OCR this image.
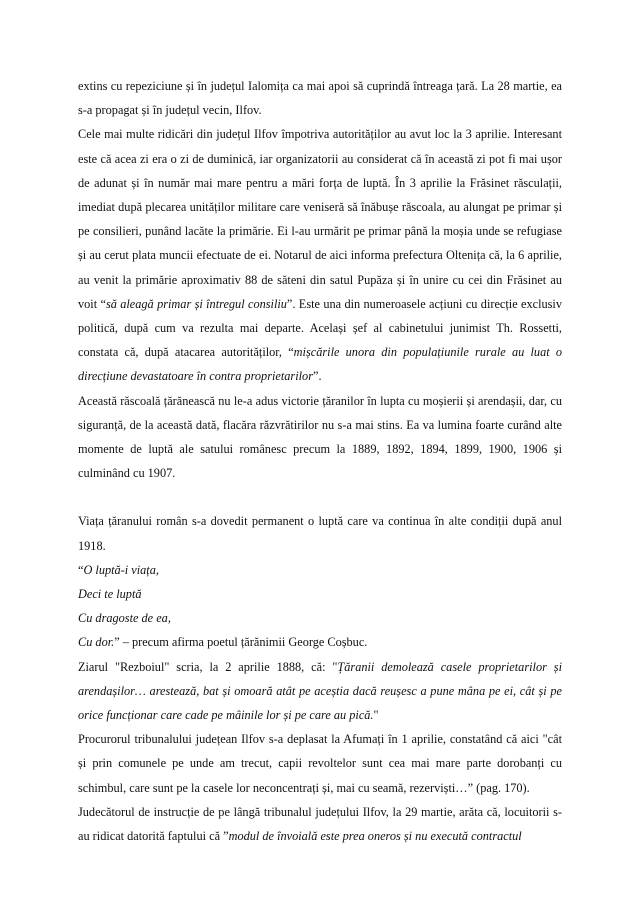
extins cu repeziciune și în județul Ialomița ca mai apoi să cuprindă întreaga țară. La 28 martie, ea s-a propagat și în județul vecin, Ilfov.

Cele mai multe ridicări din județul Ilfov împotriva autorităților au avut loc la 3 aprilie. Interesant este că acea zi era o zi de duminică, iar organizatorii au considerat că în această zi pot fi mai ușor de adunat și în număr mai mare pentru a mări forța de luptă. În 3 aprilie la Frăsinet răsculații, imediat după plecarea unităților militare care veniseră să înăbușe răscoala, au alungat pe primar și pe consilieri, punând lacăte la primărie. Ei l-au urmărit pe primar până la moșia unde se refugiase și au cerut plata muncii efectuate de ei. Notarul de aici informa prefectura Oltenița că, la 6 aprilie, au venit la primărie aproximativ 88 de săteni din satul Pupăza și în unire cu cei din Frăsinet au voit “să aleagă primar și întregul consiliu”. Este una din numeroasele acțiuni cu direcție exclusiv politică, după cum va rezulta mai departe. Același șef al cabinetului junimist Th. Rossetti, constata că, după atacarea autorităților, “mișcările unora din populațiunile rurale au luat o direcțiune devastatoare în contra proprietarilor”.

Această răscoală țărănească nu le-a adus victorie țăranilor în lupta cu moșierii și arendașii, dar, cu siguranță, de la această dată, flacăra răzvrătirilor nu s-a mai stins. Ea va lumina foarte curând alte momente de luptă ale satului românesc precum la 1889, 1892, 1894, 1899, 1900, 1906 și culminând cu 1907.

Viața țăranului român s-a dovedit permanent o luptă care va continua în alte condiții după anul 1918.

“O luptă-i viața,

Deci te luptă

Cu dragoste de ea,

Cu dor.” – precum afirma poetul țărănimii George Coșbuc.

Ziarul "Rezboiul" scria, la 2 aprilie 1888, că: "Țăranii demolează casele proprietarilor și arendașilor… arestează, bat și omoară atât pe aceștia dacă reușesc a pune mâna pe ei, cât și pe orice funcționar care cade pe mâinile lor și pe care au pică."

Procurorul tribunalului județean Ilfov s-a deplasat la Afumați în 1 aprilie, constatând că aici "cât și prin comunele pe unde am trecut, capii revoltelor sunt cea mai mare parte dorobanți cu schimbul, care sunt pe la casele lor neconcentrați și, mai cu seamă, rezerviști…” (pag. 170).

Judecătorul de instrucție de pe lângă tribunalul județului Ilfov, la 29 martie, arăta că, locuitorii s-au ridicat datorită faptului că ”modul de învoială este prea oneros și nu execută contractul
